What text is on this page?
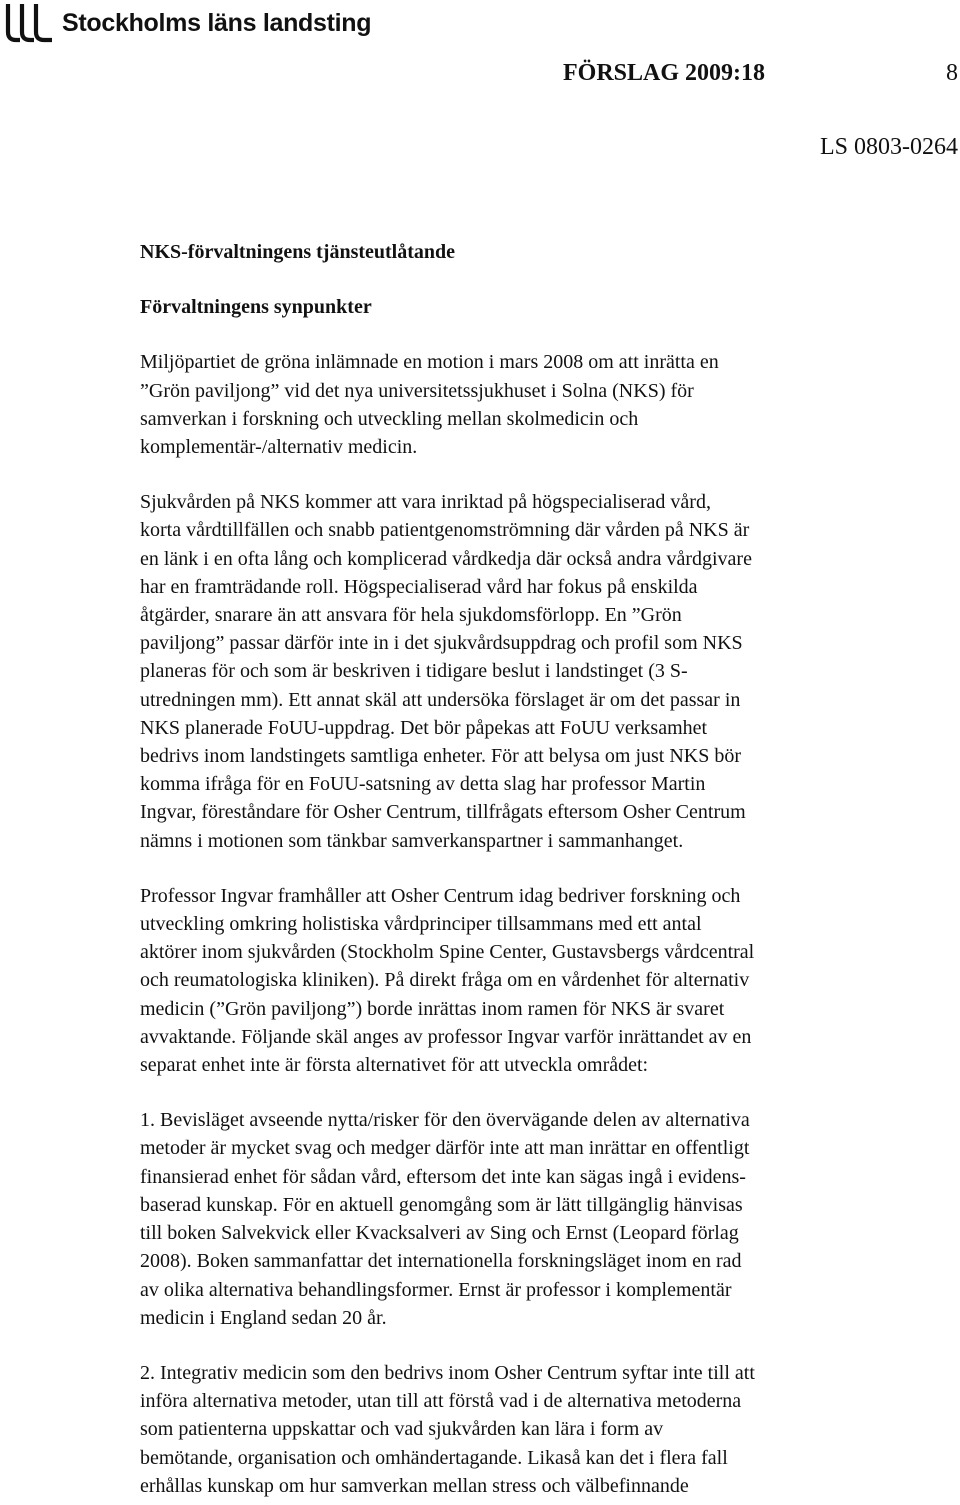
Stockholms läns landsting
FÖRSLAG 2009:18	8
LS 0803-0264
NKS-förvaltningens tjänsteutlåtande
Förvaltningens synpunkter

Miljöpartiet de gröna inlämnade en motion i mars 2008 om att inrätta en
”Grön paviljong” vid det nya universitetssjukhuset i Solna (NKS) för
samverkan i forskning och utveckling mellan skolmedicin och
komplementär-/alternativ medicin.

Sjukvården på NKS kommer att vara inriktad på högspecialiserad vård,
korta vårdtillfällen och snabb patientgenomströmning där vården på NKS är
en länk i en ofta lång och komplicerad vårdkedja där också andra vårdgivare
har en framträdande roll. Högspecialiserad vård har fokus på enskilda
åtgärder, snarare än att ansvara för hela sjukdomsförlopp. En ”Grön
paviljong” passar därför inte in i det sjukvårdsuppdrag och profil som NKS
planeras för och som är beskriven i tidigare beslut i landstinget (3 S-
utredningen mm). Ett annat skäl att undersöka förslaget är om det passar in
NKS planerade FoUU-uppdrag. Det bör påpekas att FoUU verksamhet
bedrivs inom landstingets samtliga enheter. För att belysa om just NKS bör
komma ifråga för en FoUU-satsning av detta slag har professor Martin
Ingvar, föreståndare för Osher Centrum, tillfrågats eftersom Osher Centrum
nämns i motionen som tänkbar samverkanspartner i sammanhanget.

Professor Ingvar framhåller att Osher Centrum idag bedriver forskning och
utveckling omkring holistiska vårdprinciper tillsammans med ett antal
aktörer inom sjukvården (Stockholm Spine Center, Gustavsbergs vårdcentral
och reumatologiska kliniken). På direkt fråga om en vårdenhet för alternativ
medicin (”Grön paviljong”) borde inrättas inom ramen för NKS är svaret
avvaktande. Följande skäl anges av professor Ingvar varför inrättandet av en
separat enhet inte är första alternativet för att utveckla området:

1. Bevisläget avseende nytta/risker för den övervägande delen av alternativa
metoder är mycket svag och medger därför inte att man inrättar en offentligt
finansierad enhet för sådan vård, eftersom det inte kan sägas ingå i evidens-
baserad kunskap. För en aktuell genomgång som är lätt tillgänglig hänvisas
till boken Salvekvick eller Kvacksalveri av Sing och Ernst (Leopard förlag
2008). Boken sammanfattar det internationella forskningsläget inom en rad
av olika alternativa behandlingsformer. Ernst är professor i komplementär
medicin i England sedan 20 år.

2. Integrativ medicin som den bedrivs inom Osher Centrum syftar inte till att
införa alternativa metoder, utan till att förstå vad i de alternativa metoderna
som patienterna uppskattar och vad sjukvården kan lära i form av
bemötande, organisation och omhändertagande. Likaså kan det i flera fall
erhållas kunskap om hur samverkan mellan stress och välbefinnande
